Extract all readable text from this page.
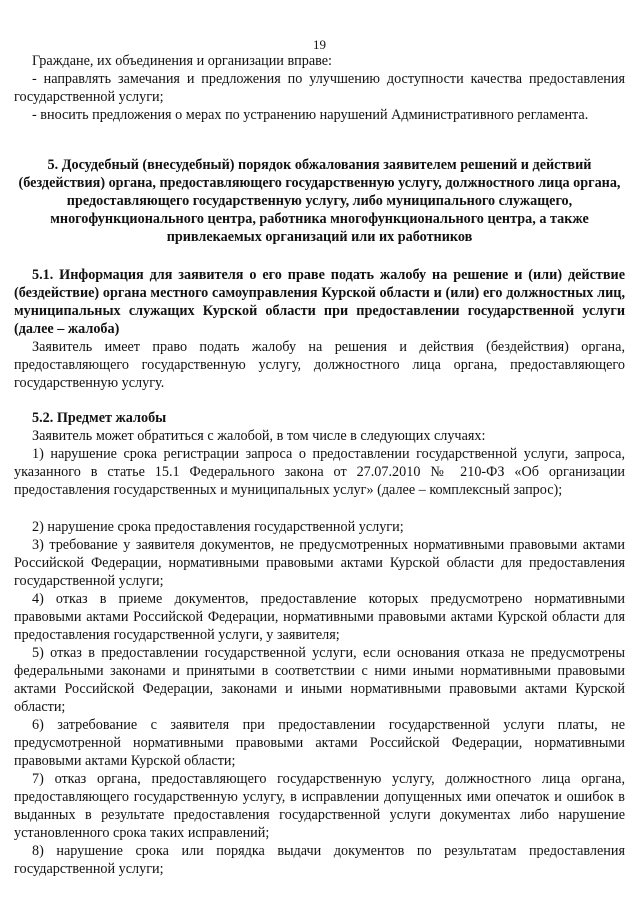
19
Граждане, их объединения и организации вправе:
- направлять замечания и предложения по улучшению доступности качества предоставления государственной услуги;
- вносить предложения о мерах по устранению нарушений Административного регламента.
5. Досудебный (внесудебный) порядок обжалования заявителем решений и действий (бездействия) органа, предоставляющего государственную услугу, должностного лица органа, предоставляющего государственную услугу, либо муниципального служащего, многофункционального центра, работника многофункционального центра, а также привлекаемых организаций или их работников
5.1. Информация для заявителя о его праве подать жалобу на решение и (или) действие (бездействие) органа местного самоуправления Курской области и (или) его должностных лиц, муниципальных служащих Курской области при предоставлении государственной услуги (далее – жалоба)
Заявитель имеет право подать жалобу на решения и действия (бездействия) органа, предоставляющего государственную услугу, должностного лица органа, предоставляющего государственную услугу.
5.2. Предмет жалобы
Заявитель может обратиться с жалобой, в том числе в следующих случаях:
1) нарушение срока регистрации запроса о предоставлении государственной услуги, запроса, указанного в статье 15.1 Федерального закона от 27.07.2010 № 210-ФЗ «Об организации предоставления государственных и муниципальных услуг» (далее – комплексный запрос);
2) нарушение срока предоставления государственной услуги;
3) требование у заявителя документов, не предусмотренных нормативными правовыми актами Российской Федерации, нормативными правовыми актами Курской области для предоставления государственной услуги;
4) отказ в приеме документов, предоставление которых предусмотрено нормативными правовыми актами Российской Федерации, нормативными правовыми актами Курской области для предоставления государственной услуги, у заявителя;
5) отказ в предоставлении государственной услуги, если основания отказа не предусмотрены федеральными законами и принятыми в соответствии с ними иными нормативными правовыми актами Российской Федерации, законами и иными нормативными правовыми актами Курской области;
6) затребование с заявителя при предоставлении государственной услуги платы, не предусмотренной нормативными правовыми актами Российской Федерации, нормативными правовыми актами Курской области;
7) отказ органа, предоставляющего государственную услугу, должностного лица органа, предоставляющего государственную услугу, в исправлении допущенных ими опечаток и ошибок в выданных в результате предоставления государственной услуги документах либо нарушение установленного срока таких исправлений;
8) нарушение срока или порядка выдачи документов по результатам предоставления государственной услуги;
